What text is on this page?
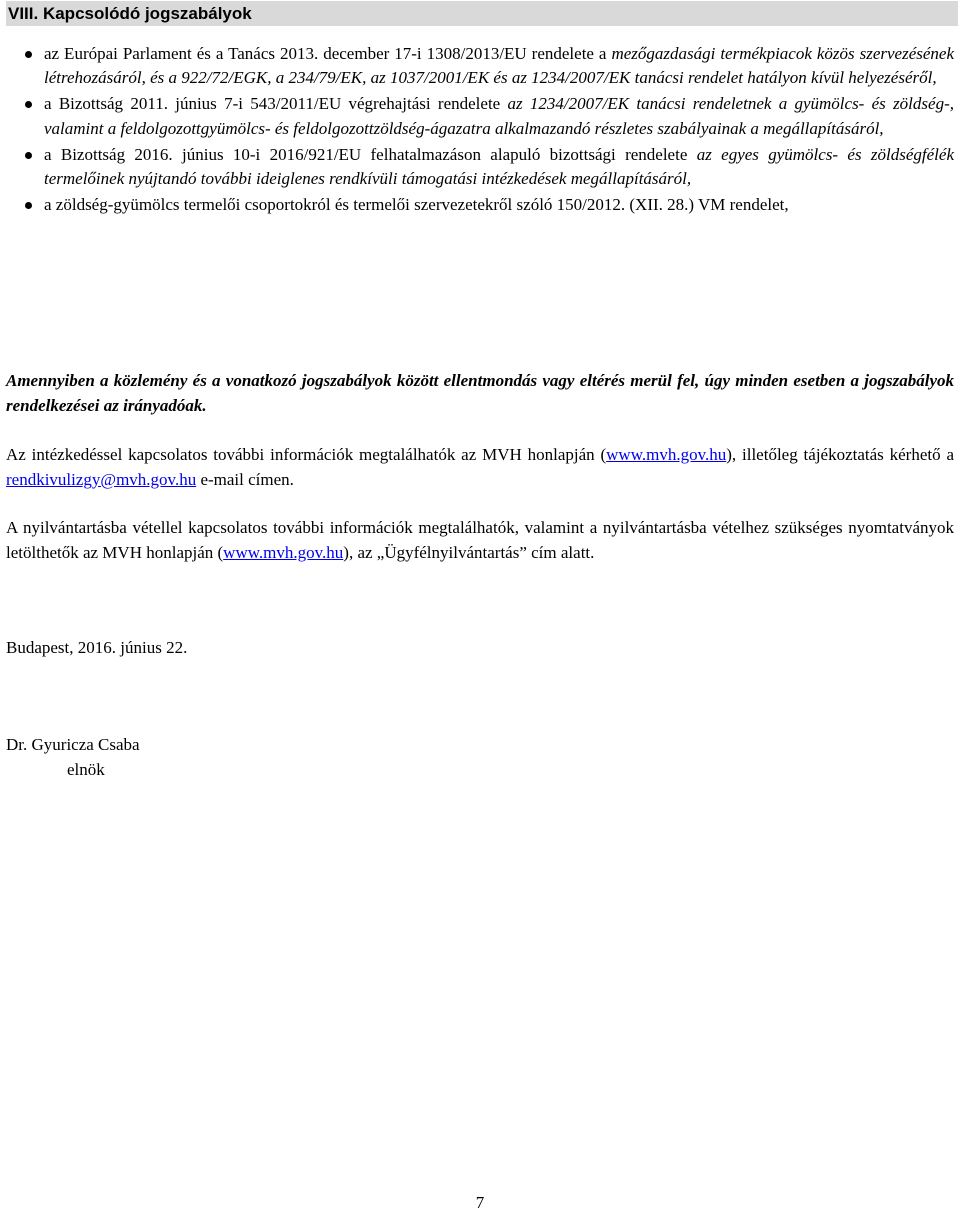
VIII. Kapcsolódó jogszabályok
az Európai Parlament és a Tanács 2013. december 17-i 1308/2013/EU rendelete a mezőgazdasági termékpiacok közös szervezésének létrehozásáról, és a 922/72/EGK, a 234/79/EK, az 1037/2001/EK és az 1234/2007/EK tanácsi rendelet hatályon kívül helyezéséről,
a Bizottság 2011. június 7-i 543/2011/EU végrehajtási rendelete az 1234/2007/EK tanácsi rendeletnek a gyümölcs- és zöldség-, valamint a feldolgozottgyümölcs- és feldolgozottzöldség-ágazatra alkalmazandó részletes szabályainak a megállapításáról,
a Bizottság 2016. június 10-i 2016/921/EU felhatalmazáson alapuló bizottsági rendelete az egyes gyümölcs- és zöldségfélék termelőinek nyújtandó további ideiglenes rendkívüli támogatási intézkedések megállapításáról,
a zöldség-gyümölcs termelői csoportokról és termelői szervezetekről szóló 150/2012. (XII. 28.) VM rendelet,

Amennyiben a közlemény és a vonatkozó jogszabályok között ellentmondás vagy eltérés merül fel, úgy minden esetben a jogszabályok rendelkezései az irányadóak.

Az intézkedéssel kapcsolatos további információk megtalálhatók az MVH honlapján (www.mvh.gov.hu), illetőleg tájékoztatás kérhető a rendkivulizgy@mvh.gov.hu e-mail címen.

A nyilvántartásba vétellel kapcsolatos további információk megtalálhatók, valamint a nyilvántartásba vételhez szükséges nyomtatványok letölthetők az MVH honlapján (www.mvh.gov.hu), az „Ügyfélnyilvántartás” cím alatt.

Budapest, 2016. június 22.
Dr. Gyuricza Csaba
elnök
7
